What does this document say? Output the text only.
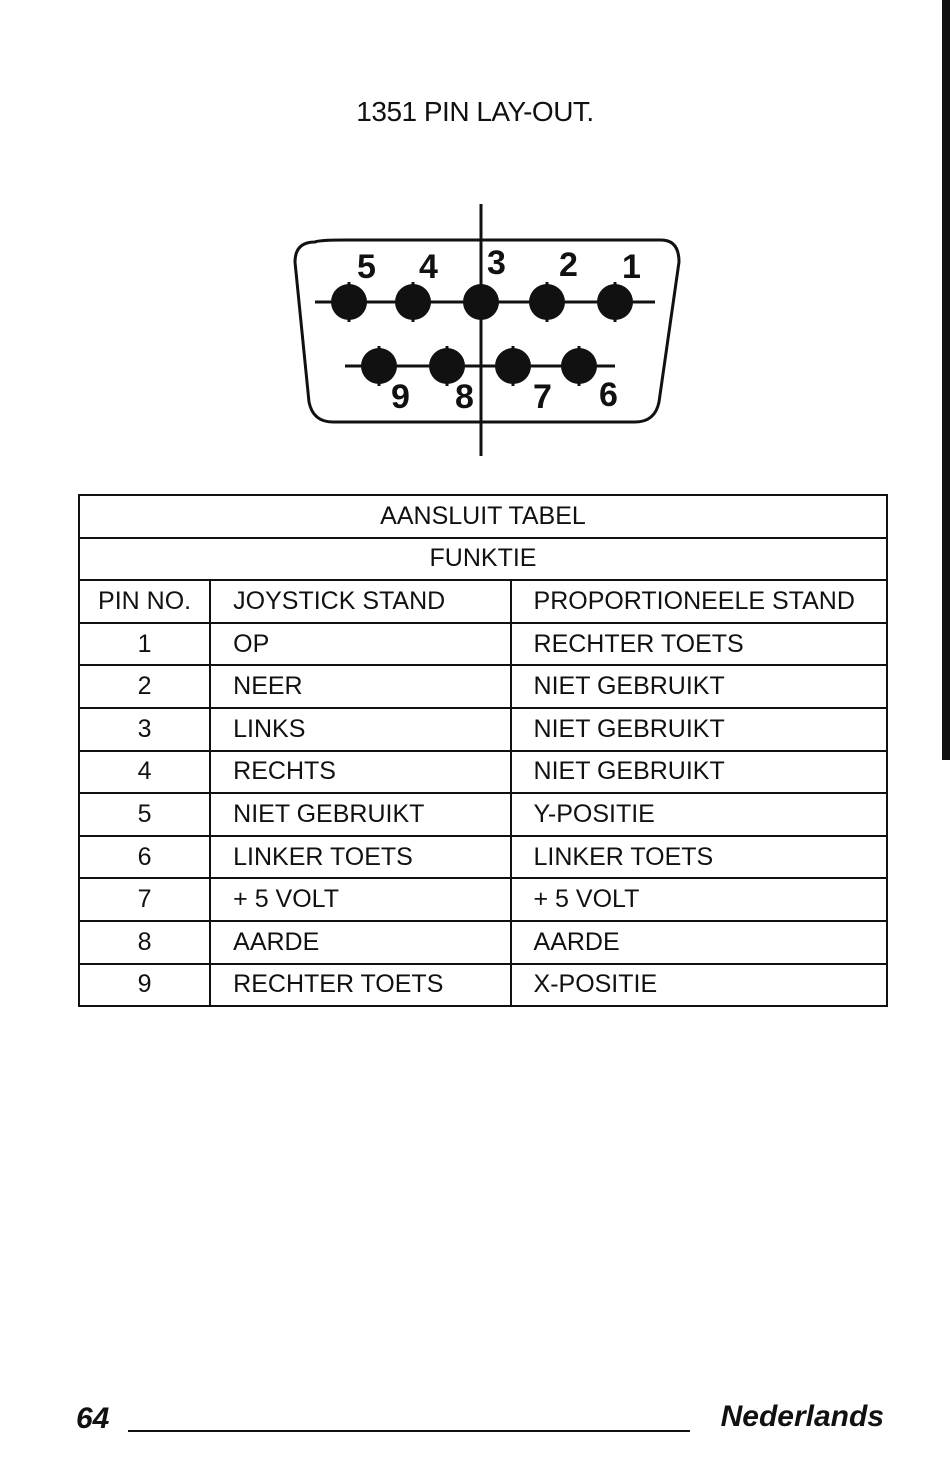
1351 PIN LAY-OUT.
5 4 3 2 1
9 8 7 6
AANSLUIT TABEL		
FUNKTIE		
PIN NO.	JOYSTICK STAND	PROPORTIONEELE STAND
1	OP	RECHTER TOETS
2	NEER	NIET GEBRUIKT
3	LINKS	NIET GEBRUIKT
4	RECHTS	NIET GEBRUIKT
5	NIET GEBRUIKT	Y-POSITIE
6	LINKER TOETS	LINKER TOETS
7	+ 5 VOLT	+ 5 VOLT
8	AARDE	AARDE
9	RECHTER TOETS	X-POSITIE
64	Nederlands
